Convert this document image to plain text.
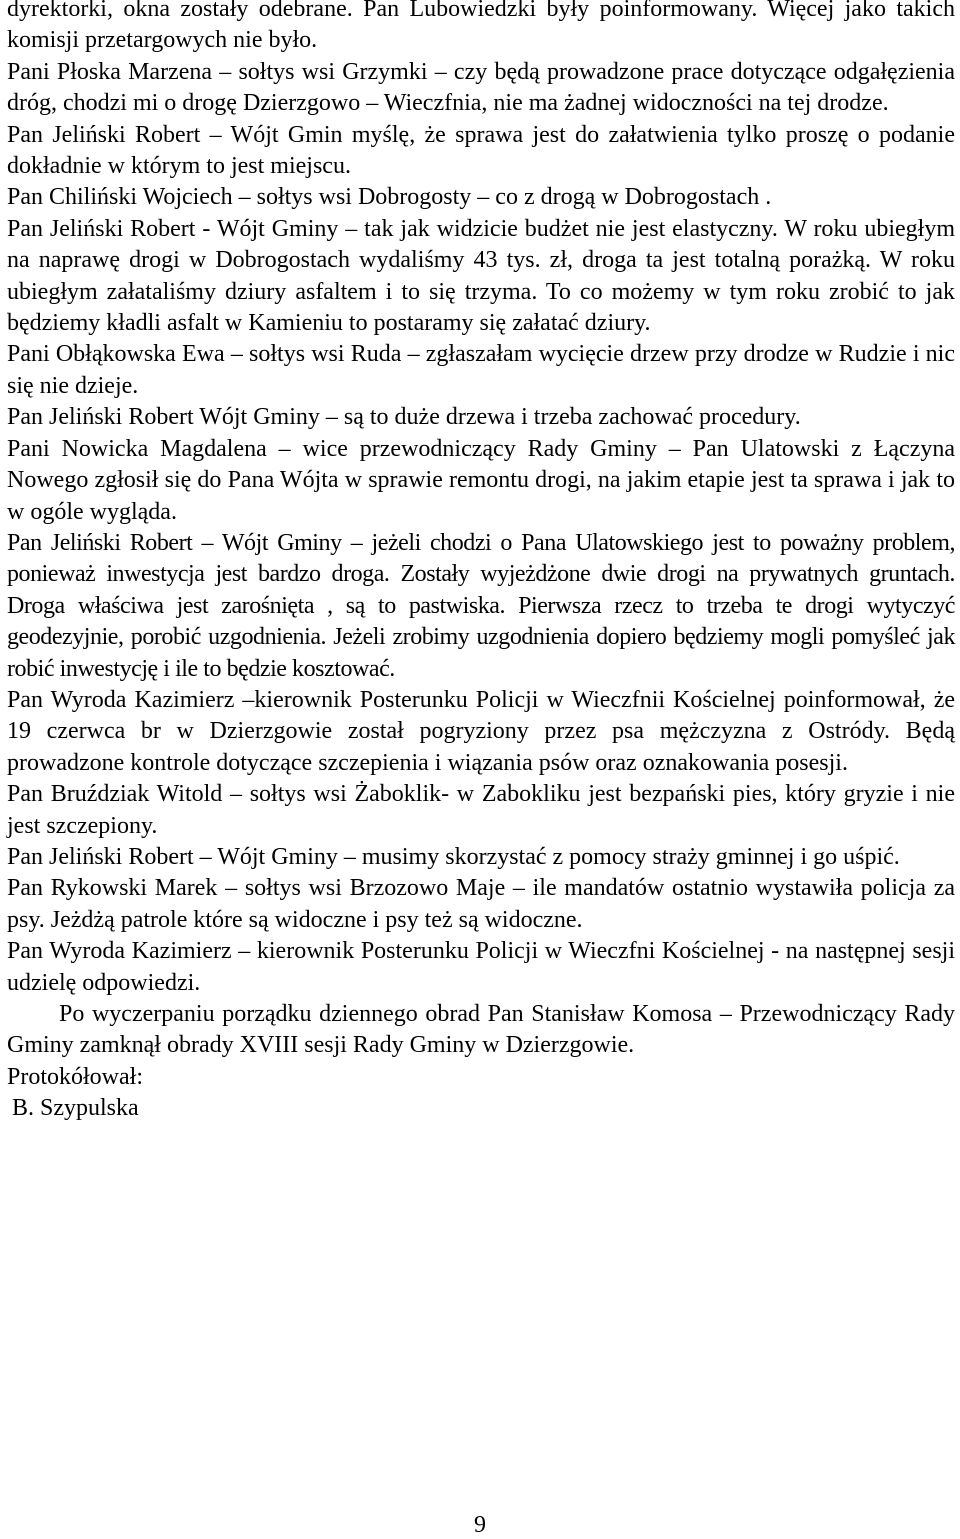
dyrektorki, okna zostały odebrane. Pan Lubowiedzki były poinformowany. Więcej jako takich komisji przetargowych nie było.

Pani Płoska Marzena – sołtys wsi Grzymki – czy będą prowadzone prace dotyczące odgałęzienia dróg, chodzi mi o drogę Dzierzgowo – Wieczfnia, nie ma żadnej widoczności na tej drodze.

Pan Jeliński Robert – Wójt Gmin myślę, że sprawa jest do załatwienia tylko proszę o podanie dokładnie w którym to jest miejscu.

Pan Chiliński Wojciech – sołtys wsi Dobrogosty – co z drogą w Dobrogostach .

Pan Jeliński Robert - Wójt Gminy – tak jak widzicie budżet nie jest elastyczny. W roku ubiegłym na naprawę drogi w Dobrogostach wydaliśmy 43 tys. zł, droga ta jest totalną porażką. W roku ubiegłym załataliśmy dziury asfaltem i to się trzyma. To co możemy w tym roku zrobić to jak będziemy kładli asfalt w Kamieniu to postaramy się załatać dziury.

Pani Obłąkowska Ewa – sołtys wsi Ruda – zgłaszałam wycięcie drzew przy drodze w Rudzie i nic się nie dzieje.

Pan Jeliński Robert Wójt Gminy – są to duże drzewa i trzeba zachować procedury.

Pani Nowicka Magdalena – wice przewodniczący Rady Gminy – Pan Ulatowski z Łączyna Nowego zgłosił się do Pana Wójta w sprawie remontu drogi, na jakim etapie jest ta sprawa i jak to w ogóle wygląda.

Pan Jeliński Robert – Wójt Gminy – jeżeli chodzi o Pana Ulatowskiego jest to poważny problem, ponieważ inwestycja jest bardzo droga. Zostały wyjeżdżone dwie drogi na prywatnych gruntach. Droga właściwa jest zarośnięta , są to pastwiska. Pierwsza rzecz to trzeba te drogi wytyczyć geodezyjnie, porobić uzgodnienia. Jeżeli zrobimy uzgodnienia dopiero będziemy mogli pomyśleć jak robić inwestycję i ile to będzie kosztować.

Pan Wyroda Kazimierz –kierownik Posterunku Policji w Wieczfnii Kościelnej poinformował, że 19 czerwca br w Dzierzgowie został pogryziony przez psa mężczyzna z Ostródy. Będą prowadzone kontrole dotyczące szczepienia i wiązania psów oraz oznakowania posesji.

Pan Bruździak Witold – sołtys wsi Żaboklik- w Zabokliku jest bezpański pies, który gryzie i nie jest szczepiony.

Pan Jeliński Robert – Wójt Gminy – musimy skorzystać z pomocy straży gminnej i go uśpić.

Pan Rykowski Marek – sołtys wsi Brzozowo Maje – ile mandatów ostatnio wystawiła policja za psy. Jeżdżą patrole które są widoczne i psy też są widoczne.

Pan Wyroda Kazimierz – kierownik Posterunku Policji w Wieczfni Kościelnej - na następnej sesji udzielę odpowiedzi.

Po wyczerpaniu porządku dziennego obrad Pan Stanisław Komosa – Przewodniczący Rady Gminy zamknął obrady XVIII sesji Rady Gminy w Dzierzgowie.

Protokółował:

B. Szypulska

9
